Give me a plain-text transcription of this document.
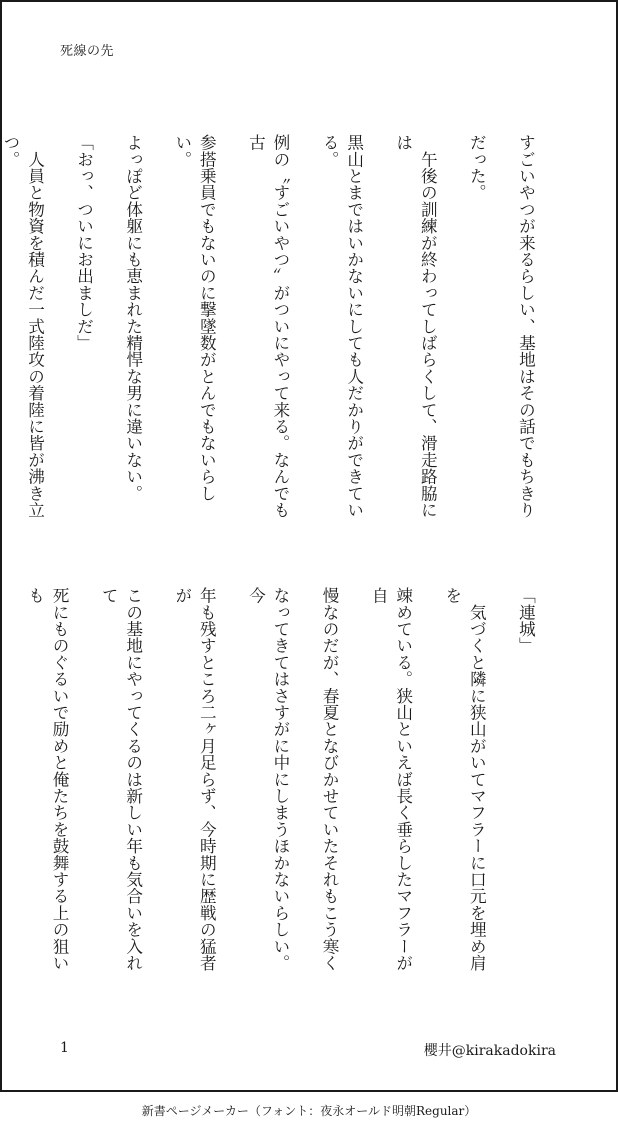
死線の先

すごいやつが来るらしい、基地はその話でもちきり

だった。

　午後の訓練が終わってしばらくして、滑走路脇には

黒山とまではいかないにしても人だかりができている。

例の〝すごいやつ〟がついにやって来る。なんでも古

参搭乗員でもないのに撃墜数がとんでもないらしい。

よっぽど体躯にも恵まれた精悍な男に違いない。

「おっ、ついにお出ましだ」

　人員と物資を積んだ一式陸攻の着陸に皆が沸き立つ。

「連城」

　気づくと隣に狭山がいてマフラーに口元を埋め肩を

竦めている。狭山といえば長く垂らしたマフラーが自

慢なのだが、春夏となびかせていたそれもこう寒く

なってきてはさすがに中にしまうほかないらしい。今

年も残すところ二ヶ月足らず、今時期に歴戦の猛者が

この基地にやってくるのは新しい年も気合いを入れて

死にものぐるいで励めと俺たちを鼓舞する上の狙いも

1	櫻井@kirakadokira
新書ページメーカー（フォント：夜永オールド明朝Regular）
